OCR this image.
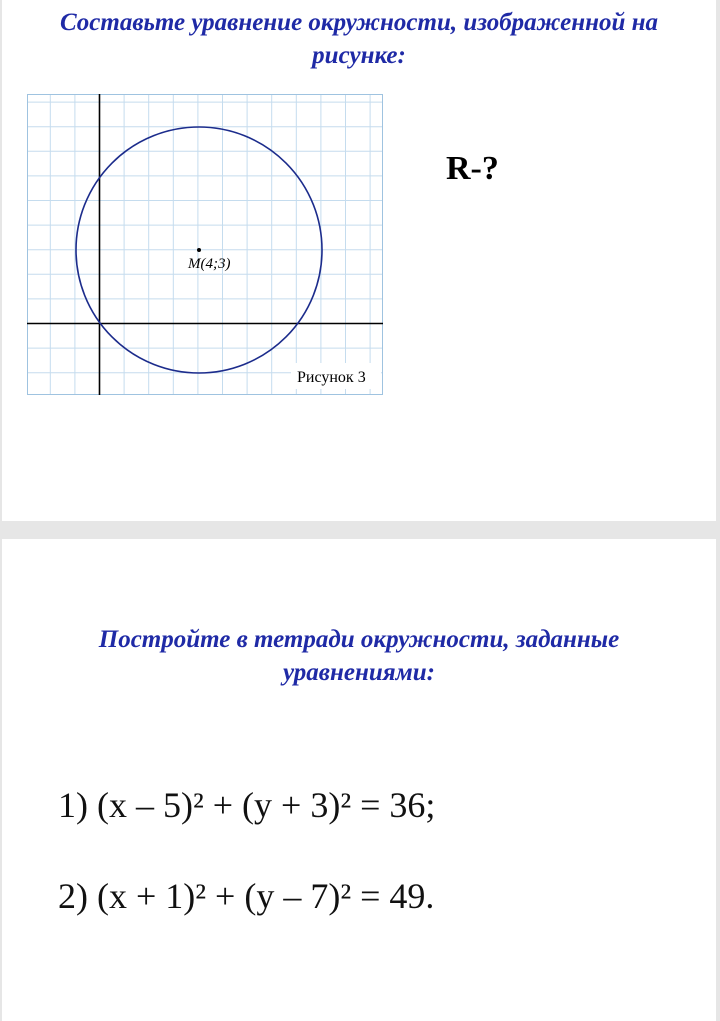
Составьте уравнение окружности, изображенной на
рисунке:
M(4;3)
Рисунок 3
R-?
Постройте в тетради окружности, заданные
уравнениями:
1) (x – 5)² + (y + 3)² = 36;
2) (x + 1)² + (y – 7)² = 49.
